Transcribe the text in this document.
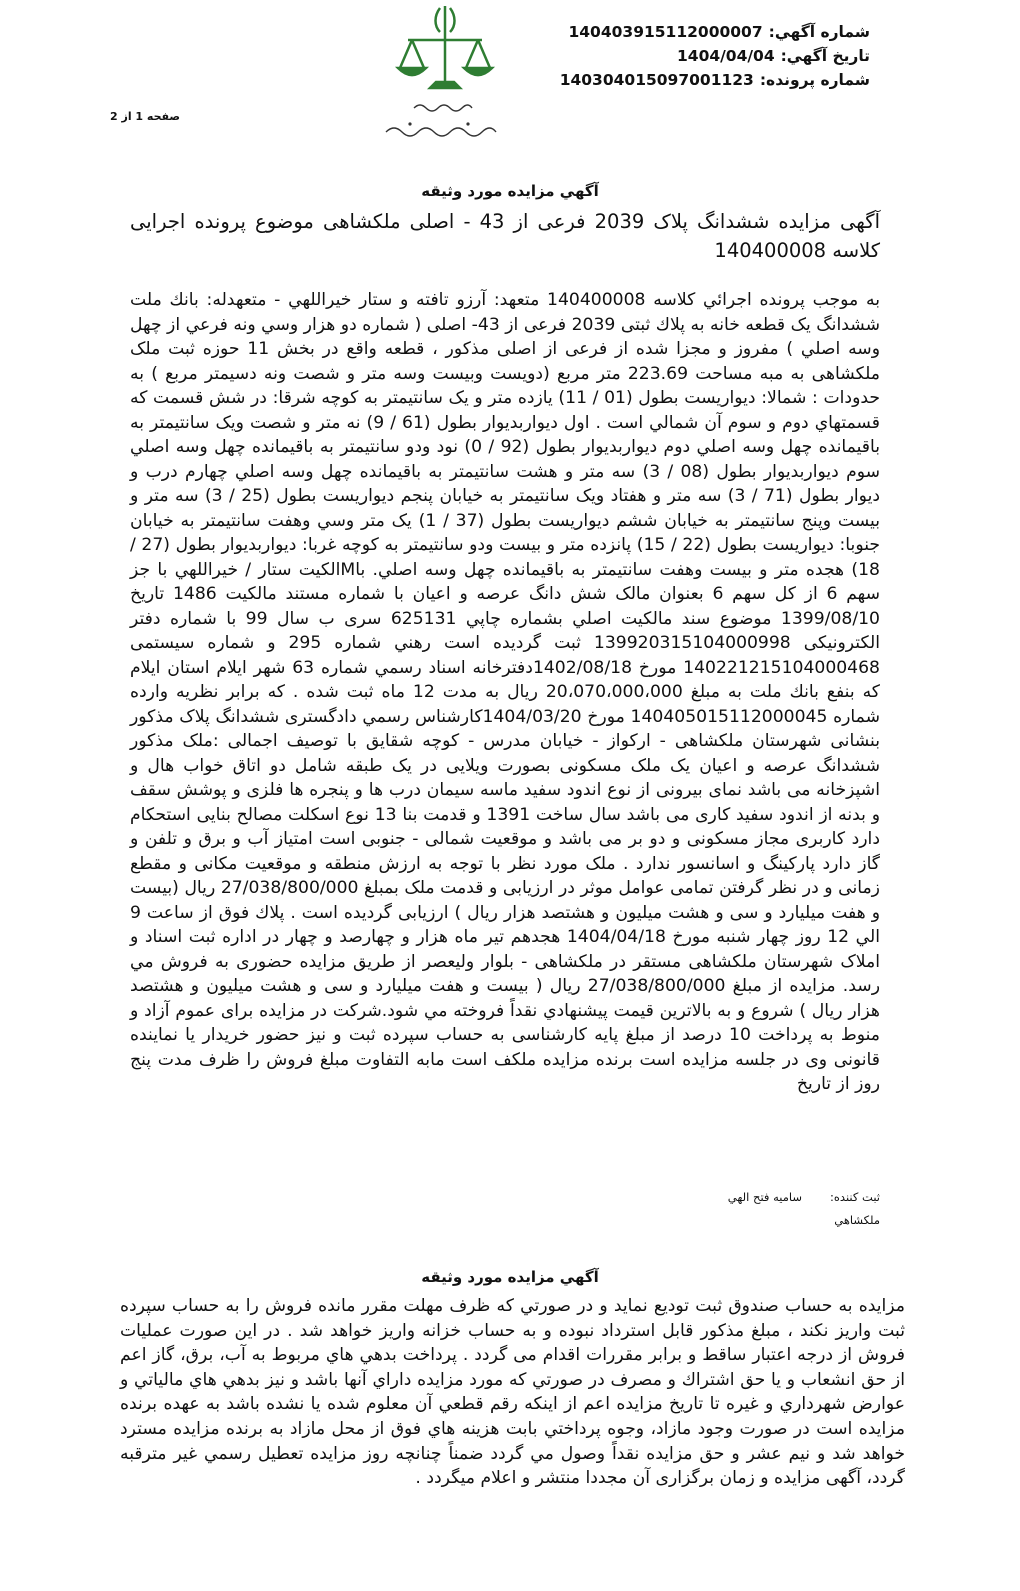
شماره آگهي:140403915112000007
تاريخ آگهي:1404/04/04
شماره پرونده:140304015097001123
صفحه 1 از 2
آگهي مزايده مورد وثيقه
آگهی مزایده ششدانگ پلاک 2039 فرعی از 43 - اصلی ملکشاهی موضوع پرونده اجرایی کلاسه 140400008
به موجب پرونده اجرائي كلاسه 140400008 متعهد: آرزو تافته و ستار خيراللهي - متعهدله: بانك ملت ششدانگ یک قطعه خانه به پلاك ثبتی 2039 فرعی از 43- اصلی ( شماره دو هزار وسي ونه فرعي از چهل وسه اصلي ) مفروز و مجزا شده از فرعی از اصلی مذکور ، قطعه واقع در بخش 11 حوزه ثبت ملک ملکشاهی به مبه مساحت 223.69 متر مربع (دویست وبیست وسه متر و شصت ونه دسيمتر مربع ) به حدودات : شمالا: دیواریست بطول (01 / 11) یازده متر و یک سانتیمتر به کوچه شرقا: در شش قسمت که قسمتهاي دوم و سوم آن شمالي است . اول دیواربدیوار بطول (61 / 9) نه متر و شصت ویک سانتیمتر به باقیمانده چهل وسه اصلي دوم دیواربدیوار بطول (92 / 0) نود ودو سانتیمتر به باقیمانده چهل وسه اصلي سوم دیواربدیوار بطول (08 / 3) سه متر و هشت سانتیمتر به باقیمانده چهل وسه اصلي چهارم درب و دیوار بطول (71 / 3) سه متر و هفتاد ویک سانتیمتر به خیابان پنجم دیواریست بطول (25 / 3) سه متر و بیست وپنج سانتیمتر به خیابان ششم دیواریست بطول (37 / 1) یک متر وسي وهفت سانتیمتر به خیابان جنوبا: دیواریست بطول (22 / 15) پانزده متر و بیست ودو سانتیمتر به کوچه غربا: دیواربدیوار بطول (27 / 18) هجده متر و بیست وهفت سانتیمتر به باقیمانده چهل وسه اصلي. باMالكيت ستار / خيراللهي با جز سهم 6 از كل سهم 6 بعنوان مالک شش دانگ عرصه و اعیان با شماره مستند مالکيت 1486 تاريخ 1399/08/10 موضوع سند مالکیت اصلي بشماره چاپي 625131 سری ب سال 99 با شماره دفتر الکترونیکی 139920315104000998 ثبت گرديده است رهني شماره 295 و شماره سيستمی 140221215104000468 مورخ 1402/08/18دفترخانه اسناد رسمي شماره 63 شهر ايلام استان ايلام که بنفع بانك ملت به مبلغ 20،070،000،000 ریال به مدت 12 ماه ثبت شده . که برابر نظریه وارده شماره 140405015112000045 مورخ 1404/03/20كارشناس رسمي دادگستری ششدانگ پلاک مذکور بنشانی شهرستان ملکشاهی - ارکواز - خیابان مدرس - کوچه شقایق با توصیف اجمالی :ملک مذکور ششدانگ عرصه و اعیان یک ملک مسکونی بصورت ویلایی در یک طبقه شامل دو اتاق خواب هال و اشپزخانه می باشد نمای بیرونی از نوع اندود سفید ماسه سیمان درب ها و پنجره ها فلزی و پوشش سقف و بدنه از اندود سفید کاری می باشد سال ساخت 1391 و قدمت بنا 13 نوع اسکلت مصالح بنایی استحکام دارد کاربری مجاز مسکونی و دو بر می باشد و موقعیت شمالی - جنوبی است امتیاز آب و برق و تلفن و گاز دارد پارکینگ و اسانسور ندارد . ملک مورد نظر با توجه به ارزش منطقه و موقعیت مکانی و مقطع زمانی و در نظر گرفتن تمامی عوامل موثر در ارزیابی و قدمت ملک بمبلغ 27/038/800/000 ريال (بيست و هفت ميليارد و سی و هشت میلیون و هشتصد هزار ريال ) ارزيابی گرديده است . پلاك فوق از ساعت 9 الي 12 روز چهار شنبه مورخ 1404/04/18 هجدهم تیر ماه هزار و چهارصد و چهار در اداره ثبت اسناد و املاک شهرستان ملکشاهی مستقر در ملکشاهی - بلوار ولیعصر از طريق مزايده حضوری به فروش مي رسد. مزايده از مبلغ 27/038/800/000 ريال ( بيست و هفت ميليارد و سی و هشت ميليون و هشتصد هزار ريال ) شروع و به بالاترين قيمت پيشنهادي نقداً فروخته مي شود.شرکت در مزایده برای عموم آزاد و منوط به پرداخت 10 درصد از مبلغ پایه کارشناسی به حساب سپرده ثبت و نیز حضور خریدار یا نماینده قانونی وی در جلسه مزایده است برنده مزايده ملكف است مابه التفاوت مبلغ فروش را ظرف مدت پنج روز از تاريخ
ثبت كننده:ساميه فتح الهي
ملكشاهي
آگهي مزايده مورد وثيقه
مزايده به حساب صندوق ثبت توديع نمايد و در صورتي كه ظرف مهلت مقرر مانده فروش را به حساب سپرده ثبت واريز نكند ، مبلغ مذكور قابل استرداد نبوده و به حساب خزانه واريز خواهد شد . در اين صورت عمليات فروش از درجه اعتبار ساقط و برابر مقررات اقدام می گردد . پرداخت بدهي هاي مربوط به آب، برق، گاز اعم از حق انشعاب و يا حق اشتراك و مصرف در صورتي كه مورد مزايده داراي آنها باشد و نيز بدهي هاي مالياتي و عوارض شهرداري و غيره تا تاريخ مزايده اعم از اينكه رقم قطعي آن معلوم شده يا نشده باشد به عهده برنده مزايده است در صورت وجود مازاد، وجوه پرداختي بابت هزينه هاي فوق از محل مازاد به برنده مزايده مسترد خواهد شد و نيم عشر و حق مزايده نقداً وصول مي گردد ضمناً چنانچه روز مزايده تعطيل رسمي غير مترقبه گردد، آگهی مزایده و زمان برگزاری آن مجددا منتشر و اعلام میگردد .
